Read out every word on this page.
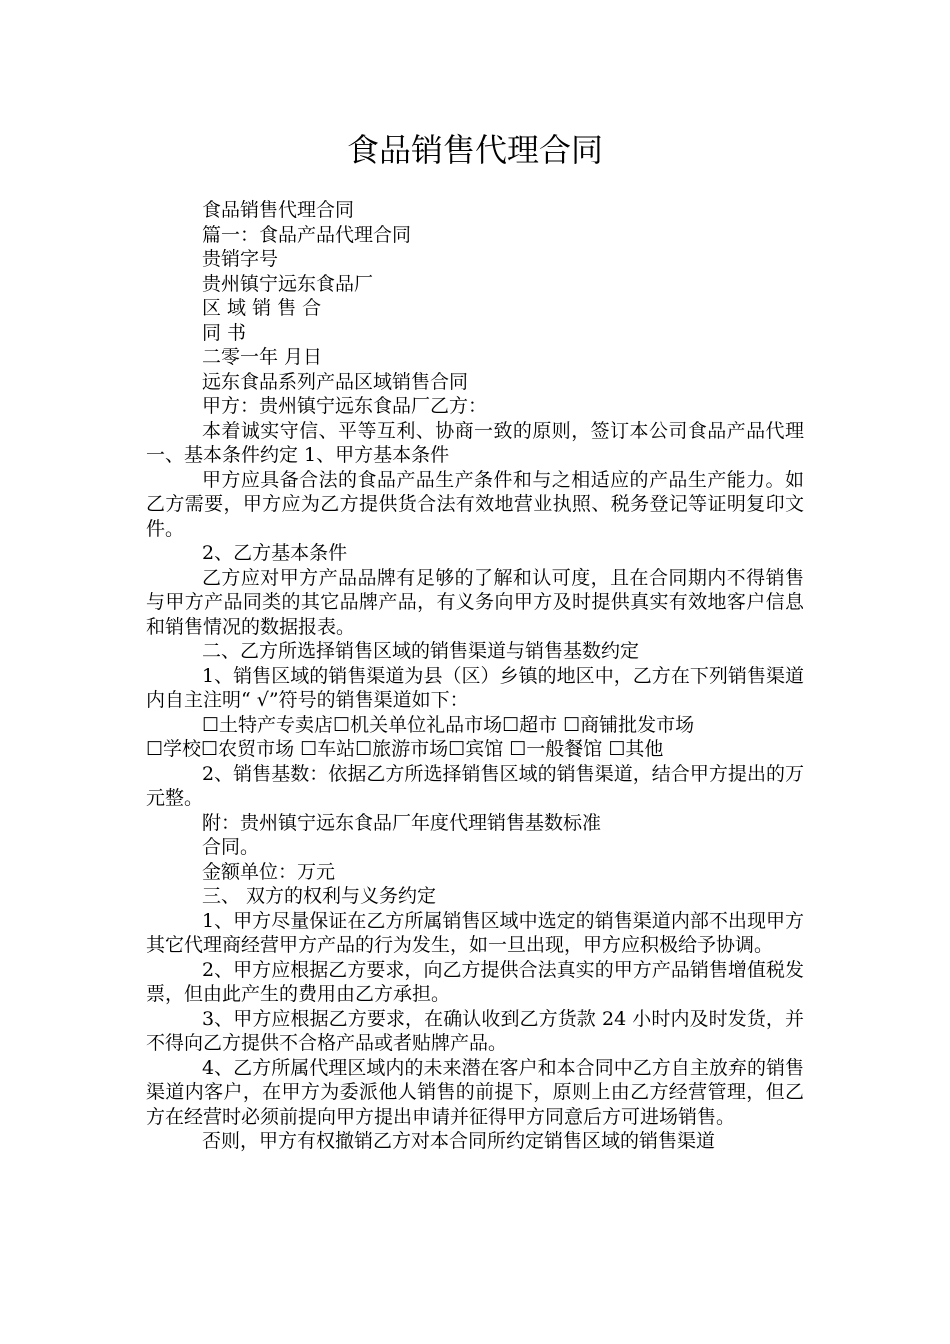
食品销售代理合同

食品销售代理合同

篇一：食品产品代理合同

贵销字号

贵州镇宁远东食品厂

区 域 销 售 合

同 书

二零一年 月日

远东食品系列产品区域销售合同

甲方：贵州镇宁远东食品厂乙方：

本着诚实守信、平等互利、协商一致的原则，签订本公司食品产品代理一、基本条件约定 1、甲方基本条件

甲方应具备合法的食品产品生产条件和与之相适应的产品生产能力。如乙方需要，甲方应为乙方提供货合法有效地营业执照、税务登记等证明复印文件。

2、乙方基本条件

乙方应对甲方产品品牌有足够的了解和认可度，且在合同期内不得销售与甲方产品同类的其它品牌产品，有义务向甲方及时提供真实有效地客户信息和销售情况的数据报表。

二、乙方所选择销售区域的销售渠道与销售基数约定

1、销售区域的销售渠道为县（区）乡镇的地区中，乙方在下列销售渠道内自主注明“ √”符号的销售渠道如下：

☐土特产专卖店☐机关单位礼品市场☐超市 ☐商铺批发市场

☐学校☐农贸市场 ☐车站☐旅游市场☐宾馆 ☐一般餐馆 ☐其他

2、销售基数：依据乙方所选择销售区域的销售渠道，结合甲方提出的万元整。

附：贵州镇宁远东食品厂年度代理销售基数标准

合同。

金额单位：万元

三、 双方的权利与义务约定

1、甲方尽量保证在乙方所属销售区域中选定的销售渠道内部不出现甲方其它代理商经营甲方产品的行为发生，如一旦出现，甲方应积极给予协调。

2、甲方应根据乙方要求，向乙方提供合法真实的甲方产品销售增值税发票，但由此产生的费用由乙方承担。

3、甲方应根据乙方要求，在确认收到乙方货款 24 小时内及时发货，并不得向乙方提供不合格产品或者贴牌产品。

4、乙方所属代理区域内的未来潜在客户和本合同中乙方自主放弃的销售渠道内客户，在甲方为委派他人销售的前提下，原则上由乙方经营管理，但乙方在经营时必须前提向甲方提出申请并征得甲方同意后方可进场销售。

否则，甲方有权撤销乙方对本合同所约定销售区域的销售渠道
